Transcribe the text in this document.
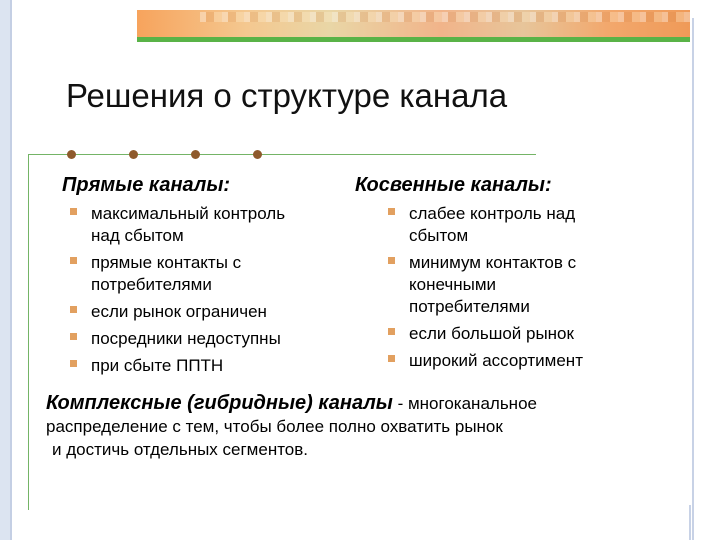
Решения о структуре канала
Прямые каналы:
максимальный контроль над сбытом
прямые контакты с потребителями
если рынок ограничен
посредники недоступны
при сбыте ППТН
Косвенные каналы:
слабее контроль над сбытом
минимум контактов с конечными потребителями
если большой рынок
широкий ассортимент
Комплексные (гибридные) каналы - многоканальное
распределение с тем, чтобы более полно охватить рынок
и достичь отдельных сегментов.
